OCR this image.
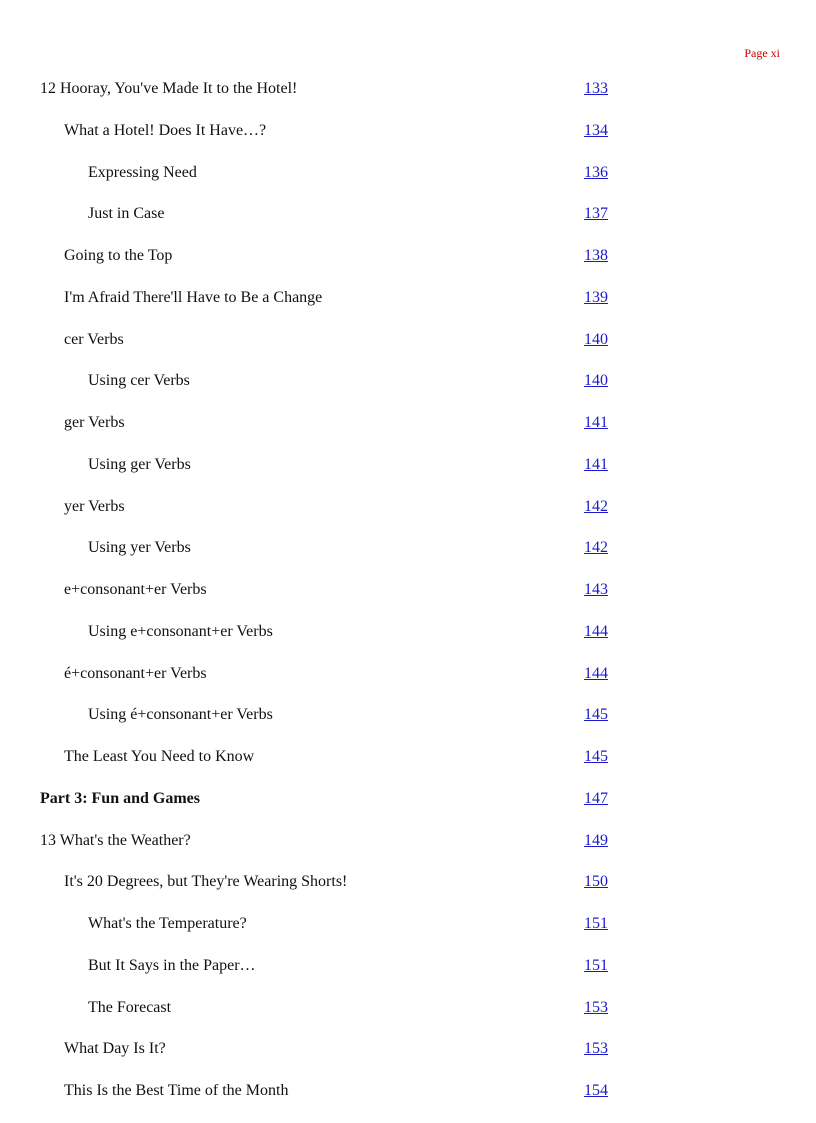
Page xi
12 Hooray, You've Made It to the Hotel!	133
What a Hotel! Does It Have…?	134
Expressing Need	136
Just in Case	137
Going to the Top	138
I'm Afraid There'll Have to Be a Change	139
cer Verbs	140
Using cer Verbs	140
ger Verbs	141
Using ger Verbs	141
yer Verbs	142
Using yer Verbs	142
e+consonant+er Verbs	143
Using e+consonant+er Verbs	144
é+consonant+er Verbs	144
Using é+consonant+er Verbs	145
The Least You Need to Know	145
Part 3: Fun and Games	147
13 What's the Weather?	149
It's 20 Degrees, but They're Wearing Shorts!	150
What's the Temperature?	151
But It Says in the Paper…	151
The Forecast	153
What Day Is It?	153
This Is the Best Time of the Month	154
